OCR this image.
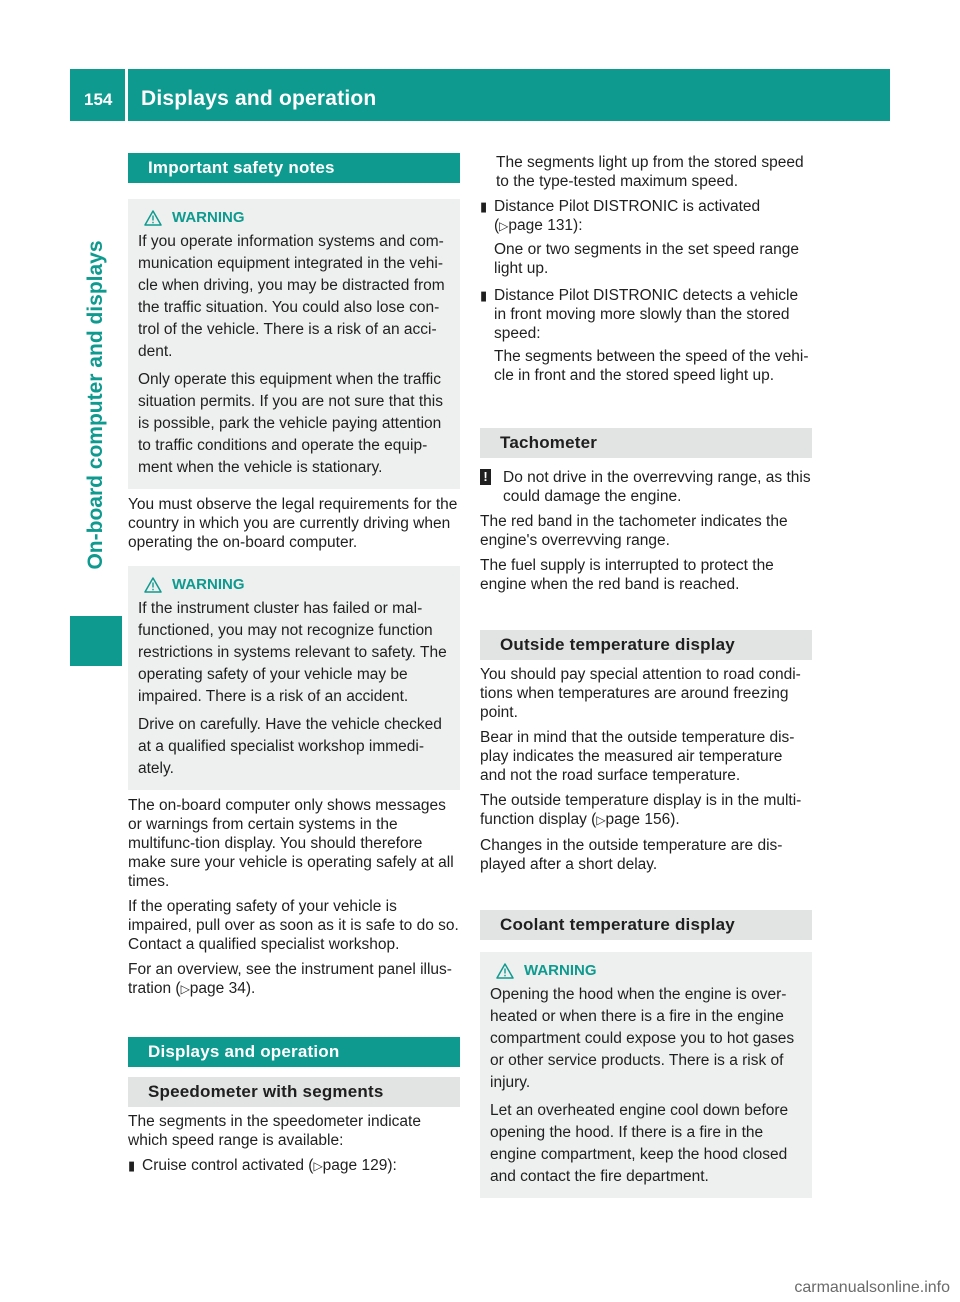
154 Displays and operation
On-board computer and displays
Important safety notes
WARNING

If you operate information systems and com-munication equipment integrated in the vehi-cle when driving, you may be distracted from the traffic situation. You could also lose con-trol of the vehicle. There is a risk of an acci-dent.

Only operate this equipment when the traffic situation permits. If you are not sure that this is possible, park the vehicle paying attention to traffic conditions and operate the equip-ment when the vehicle is stationary.

You must observe the legal requirements for the country in which you are currently driving when operating the on-board computer.

WARNING

If the instrument cluster has failed or mal-functioned, you may not recognize function restrictions in systems relevant to safety. The operating safety of your vehicle may be impaired. There is a risk of an accident.

Drive on carefully. Have the vehicle checked at a qualified specialist workshop immedi-ately.

The on-board computer only shows messages or warnings from certain systems in the multifunc-tion display. You should therefore make sure your vehicle is operating safely at all times.

If the operating safety of your vehicle is impaired, pull over as soon as it is safe to do so. Contact a qualified specialist workshop.

For an overview, see the instrument panel illus-tration (▷page 34).

Displays and operation
Speedometer with segments

The segments in the speedometer indicate which speed range is available:

▮ Cruise control activated (▷page 129):

The segments light up from the stored speed to the type-tested maximum speed.

▮ Distance Pilot DISTRONIC is activated
(▷page 131):

One or two segments in the set speed range light up.

▮ Distance Pilot DISTRONIC detects a vehicle in front moving more slowly than the stored speed:

The segments between the speed of the vehi-cle in front and the stored speed light up.

Tachometer
! Do not drive in the overrevving range, as this could damage the engine.

The red band in the tachometer indicates the engine's overrevving range.

The fuel supply is interrupted to protect the engine when the red band is reached.

Outside temperature display

You should pay special attention to road condi-tions when temperatures are around freezing point.

Bear in mind that the outside temperature dis-play indicates the measured air temperature and not the road surface temperature.

The outside temperature display is in the multi-function display (▷page 156).

Changes in the outside temperature are dis-played after a short delay.

Coolant temperature display
WARNING

Opening the hood when the engine is over-heated or when there is a fire in the engine compartment could expose you to hot gases or other service products. There is a risk of injury.

Let an overheated engine cool down before opening the hood. If there is a fire in the engine compartment, keep the hood closed and contact the fire department.

carmanualsonline.info
